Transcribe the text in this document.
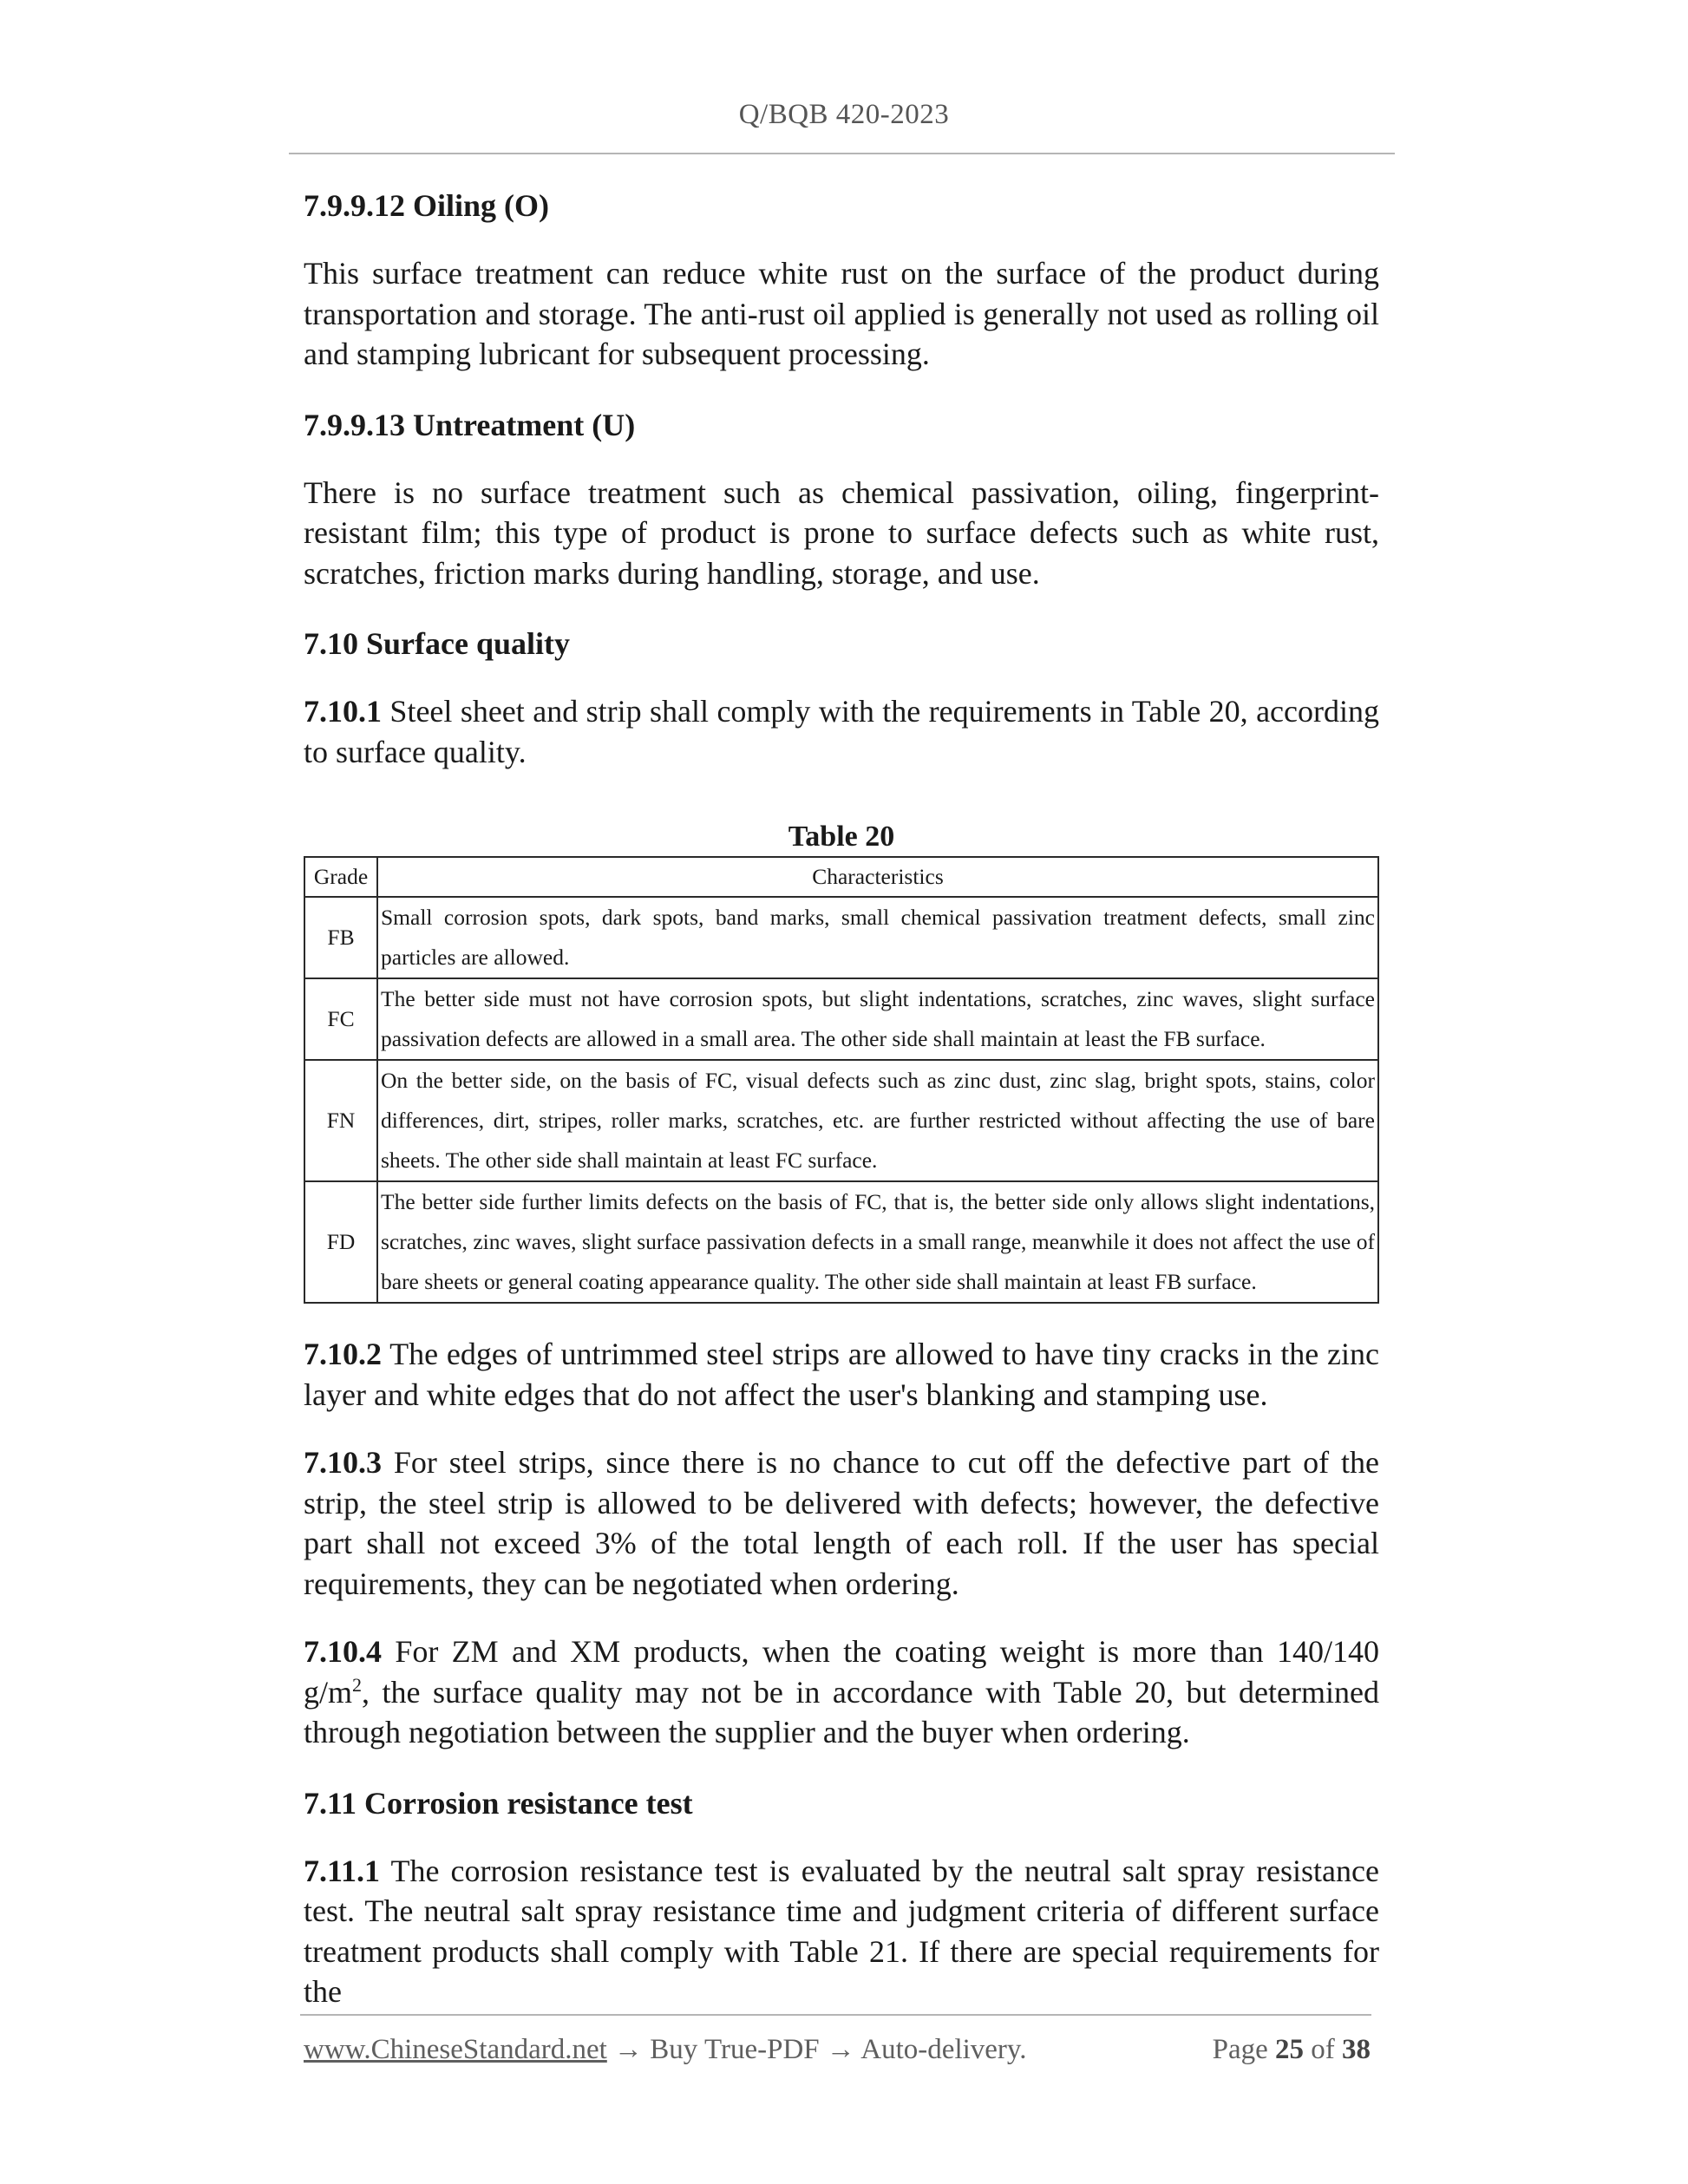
Q/BQB 420-2023

7.9.9.12 Oiling (O)

This surface treatment can reduce white rust on the surface of the product during transportation and storage. The anti-rust oil applied is generally not used as rolling oil and stamping lubricant for subsequent processing.

7.9.9.13 Untreatment (U)

There is no surface treatment such as chemical passivation, oiling, fingerprint-resistant film; this type of product is prone to surface defects such as white rust, scratches, friction marks during handling, storage, and use.

7.10 Surface quality

7.10.1 Steel sheet and strip shall comply with the requirements in Table 20, according to surface quality.

Table 20
Grade	Characteristics
FB	Small corrosion spots, dark spots, band marks, small chemical passivation treatment defects, small zinc particles are allowed.
FC	The better side must not have corrosion spots, but slight indentations, scratches, zinc waves, slight surface passivation defects are allowed in a small area. The other side shall maintain at least the FB surface.
FN	On the better side, on the basis of FC, visual defects such as zinc dust, zinc slag, bright spots, stains, color differences, dirt, stripes, roller marks, scratches, etc. are further restricted without affecting the use of bare sheets. The other side shall maintain at least FC surface.
FD	The better side further limits defects on the basis of FC, that is, the better side only allows slight indentations, scratches, zinc waves, slight surface passivation defects in a small range, meanwhile it does not affect the use of bare sheets or general coating appearance quality. The other side shall maintain at least FB surface.

7.10.2 The edges of untrimmed steel strips are allowed to have tiny cracks in the zinc layer and white edges that do not affect the user's blanking and stamping use.

7.10.3 For steel strips, since there is no chance to cut off the defective part of the strip, the steel strip is allowed to be delivered with defects; however, the defective part shall not exceed 3% of the total length of each roll. If the user has special requirements, they can be negotiated when ordering.

7.10.4 For ZM and XM products, when the coating weight is more than 140/140 $g/m^2$, the surface quality may not be in accordance with Table 20, but determined through negotiation between the supplier and the buyer when ordering.

7.11 Corrosion resistance test

7.11.1 The corrosion resistance test is evaluated by the neutral salt spray resistance test. The neutral salt spray resistance time and judgment criteria of different surface treatment products shall comply with Table 21. If there are special requirements for the

www.ChineseStandard.net → Buy True-PDF → Auto-delivery.	Page 25 of 38
